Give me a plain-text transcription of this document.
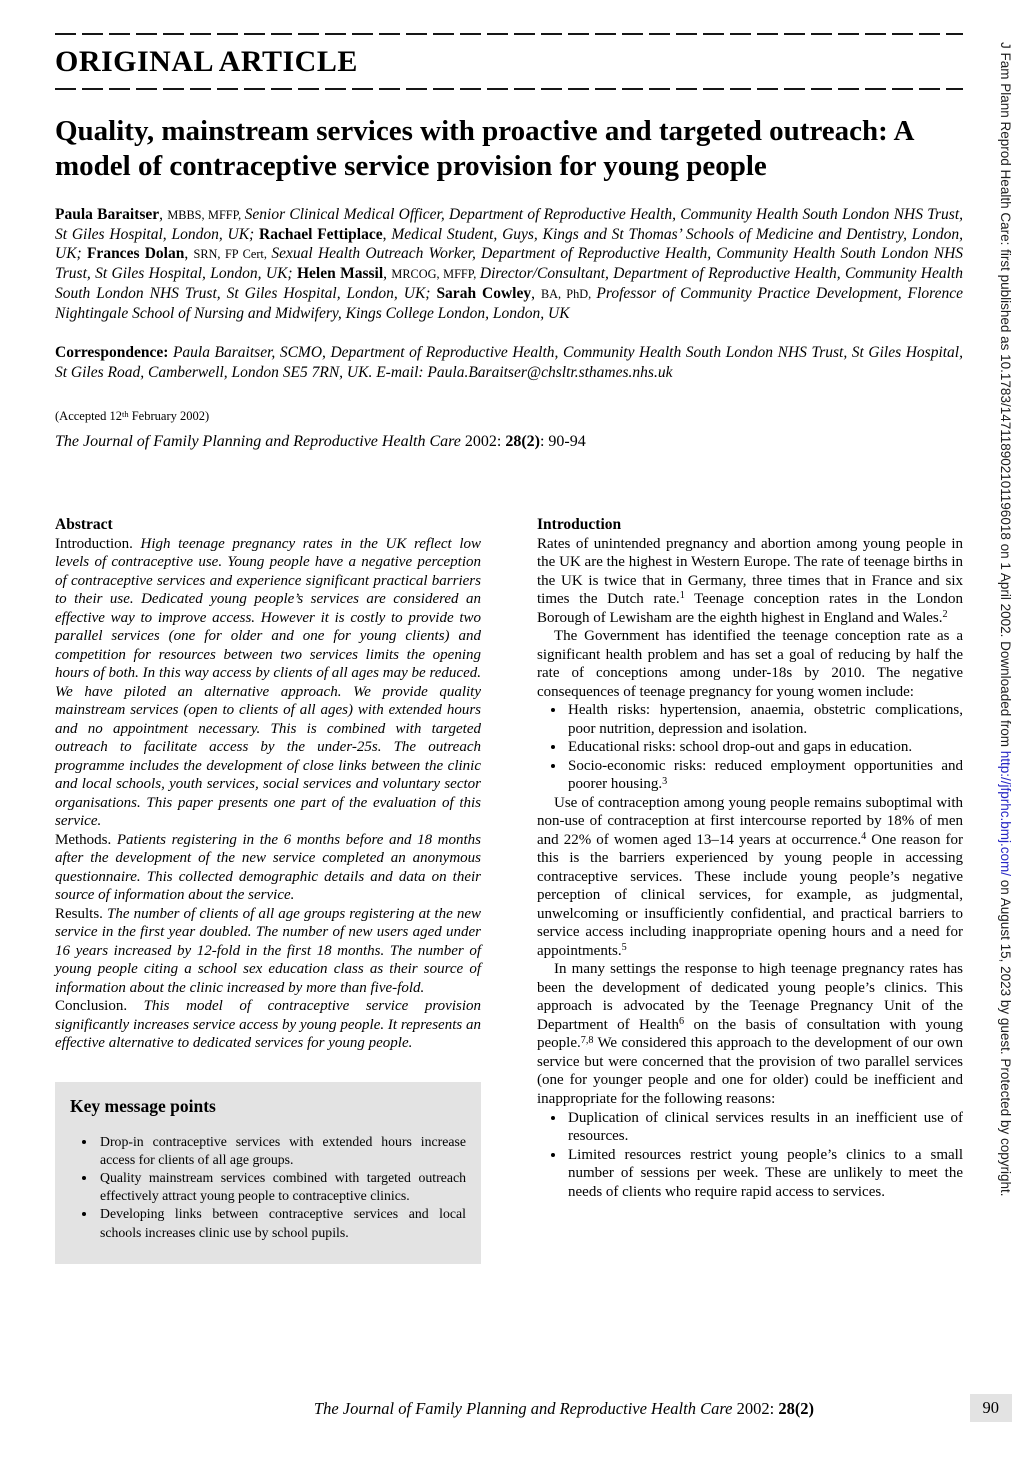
J Fam Plann Reprod Health Care: first published as 10.1783/147118902101196018 on 1 April 2002. Downloaded from http://jfprhc.bmj.com/ on August 15, 2023 by guest. Protected by copyright.
ORIGINAL ARTICLE
Quality, mainstream services with proactive and targeted outreach: A model of contraceptive service provision for young people

Paula Baraitser, MBBS, MFFP, Senior Clinical Medical Officer, Department of Reproductive Health, Community Health South London NHS Trust, St Giles Hospital, London, UK; Rachael Fettiplace, Medical Student, Guys, Kings and St Thomas’ Schools of Medicine and Dentistry, London, UK; Frances Dolan, SRN, FP Cert, Sexual Health Outreach Worker, Department of Reproductive Health, Community Health South London NHS Trust, St Giles Hospital, London, UK; Helen Massil, MRCOG, MFFP, Director/Consultant, Department of Reproductive Health, Community Health South London NHS Trust, St Giles Hospital, London, UK; Sarah Cowley, BA, PhD, Professor of Community Practice Development, Florence Nightingale School of Nursing and Midwifery, Kings College London, London, UK

Correspondence: Paula Baraitser, SCMO, Department of Reproductive Health, Community Health South London NHS Trust, St Giles Hospital, St Giles Road, Camberwell, London SE5 7RN, UK. E-mail: Paula.Baraitser@chsltr.sthames.nhs.uk

(Accepted 12th February 2002)

The Journal of Family Planning and Reproductive Health Care 2002: 28(2): 90-94

Abstract

Introduction. High teenage pregnancy rates in the UK reflect low levels of contraceptive use. Young people have a negative perception of contraceptive services and experience significant practical barriers to their use. Dedicated young people’s services are considered an effective way to improve access. However it is costly to provide two parallel services (one for older and one for young clients) and competition for resources between two services limits the opening hours of both. In this way access by clients of all ages may be reduced. We have piloted an alternative approach. We provide quality mainstream services (open to clients of all ages) with extended hours and no appointment necessary. This is combined with targeted outreach to facilitate access by the under-25s. The outreach programme includes the development of close links between the clinic and local schools, youth services, social services and voluntary sector organisations. This paper presents one part of the evaluation of this service.

Methods. Patients registering in the 6 months before and 18 months after the development of the new service completed an anonymous questionnaire. This collected demographic details and data on their source of information about the service.

Results. The number of clients of all age groups registering at the new service in the first year doubled. The number of new users aged under 16 years increased by 12-fold in the first 18 months. The number of young people citing a school sex education class as their source of information about the clinic increased by more than five-fold.

Conclusion. This model of contraceptive service provision significantly increases service access by young people. It represents an effective alternative to dedicated services for young people.

Key message points
• Drop-in contraceptive services with extended hours increase access for clients of all age groups.
• Quality mainstream services combined with targeted outreach effectively attract young people to contraceptive clinics.
• Developing links between contraceptive services and local schools increases clinic use by school pupils.
Introduction

Rates of unintended pregnancy and abortion among young people in the UK are the highest in Western Europe. The rate of teenage births in the UK is twice that in Germany, three times that in France and six times the Dutch rate.$^1$ Teenage conception rates in the London Borough of Lewisham are the eighth highest in England and Wales.$^2$

The Government has identified the teenage conception rate as a significant health problem and has set a goal of reducing by half the rate of conceptions among under-18s by 2010. The negative consequences of teenage pregnancy for young women include:

• Health risks: hypertension, anaemia, obstetric complications, poor nutrition, depression and isolation.
• Educational risks: school drop-out and gaps in education.
• Socio-economic risks: reduced employment opportunities and poorer housing.$^3$

Use of contraception among young people remains suboptimal with non-use of contraception at first intercourse reported by 18% of men and 22% of women aged 13–14 years at occurrence.$^4$ One reason for this is the barriers experienced by young people in accessing contraceptive services. These include young people’s negative perception of clinical services, for example, as judgmental, unwelcoming or insufficiently confidential, and practical barriers to service access including inappropriate opening hours and a need for appointments.$^5$

In many settings the response to high teenage pregnancy rates has been the development of dedicated young people’s clinics. This approach is advocated by the Teenage Pregnancy Unit of the Department of Health$^6$ on the basis of consultation with young people.$^{7,8}$ We considered this approach to the development of our own service but were concerned that the provision of two parallel services (one for younger people and one for older) could be inefficient and inappropriate for the following reasons:

• Duplication of clinical services results in an inefficient use of resources.
• Limited resources restrict young people’s clinics to a small number of sessions per week. These are unlikely to meet the needs of clients who require rapid access to services.
The Journal of Family Planning and Reproductive Health Care 2002: 28(2)	90
